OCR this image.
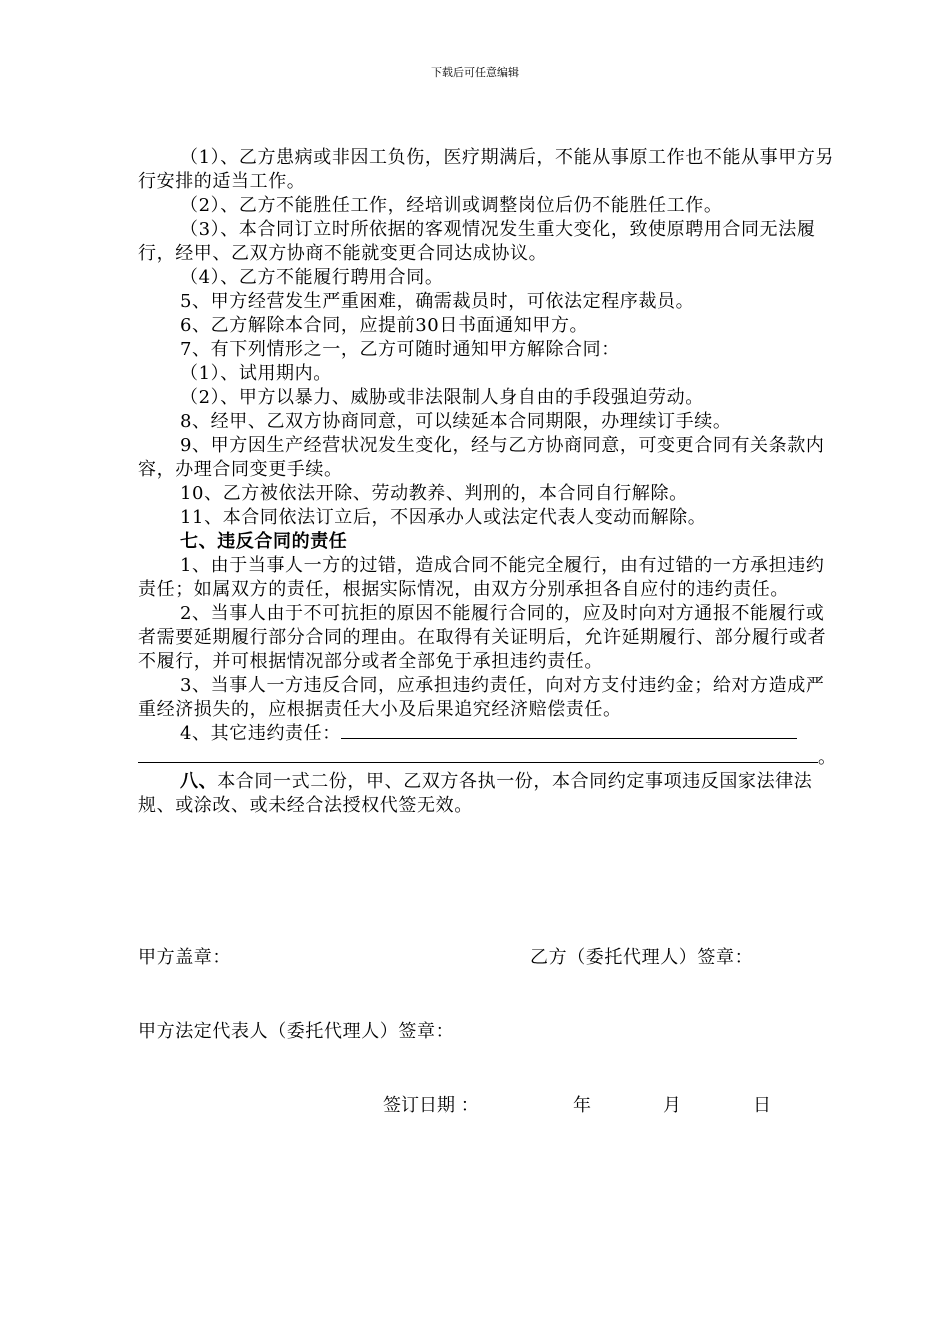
下载后可任意编辑

（1）、乙方患病或非因工负伤，医疗期满后，不能从事原工作也不能从事甲方另行安排的适当工作。

（2）、乙方不能胜任工作，经培训或调整岗位后仍不能胜任工作。

（3）、本合同订立时所依据的客观情况发生重大变化，致使原聘用合同无法履行，经甲、乙双方协商不能就变更合同达成协议。

（4）、乙方不能履行聘用合同。

5、甲方经营发生严重困难，确需裁员时，可依法定程序裁员。

6、乙方解除本合同，应提前30日书面通知甲方。

7、有下列情形之一，乙方可随时通知甲方解除合同：

（1）、试用期内。

（2）、甲方以暴力、威胁或非法限制人身自由的手段强迫劳动。

8、经甲、乙双方协商同意，可以续延本合同期限，办理续订手续。

9、甲方因生产经营状况发生变化，经与乙方协商同意，可变更合同有关条款内容，办理合同变更手续。

10、乙方被依法开除、劳动教养、判刑的，本合同自行解除。

11、本合同依法订立后，不因承办人或法定代表人变动而解除。

七、违反合同的责任

1、由于当事人一方的过错，造成合同不能完全履行，由有过错的一方承担违约责任；如属双方的责任，根据实际情况，由双方分别承担各自应付的违约责任。

2、当事人由于不可抗拒的原因不能履行合同的，应及时向对方通报不能履行或者需要延期履行部分合同的理由。在取得有关证明后，允许延期履行、部分履行或者不履行，并可根据情况部分或者全部免于承担违约责任。

3、当事人一方违反合同，应承担违约责任，向对方支付违约金；给对方造成严重经济损失的，应根据责任大小及后果追究经济赔偿责任。

4、其它违约责任：

。

八、本合同一式二份，甲、乙双方各执一份，本合同约定事项违反国家法律法规、或涂改、或未经合法授权代签无效。

甲方盖章：	乙方（委托代理人）签章：
甲方法定代表人（委托代理人）签章：
签订日期 ：	年	月	日
